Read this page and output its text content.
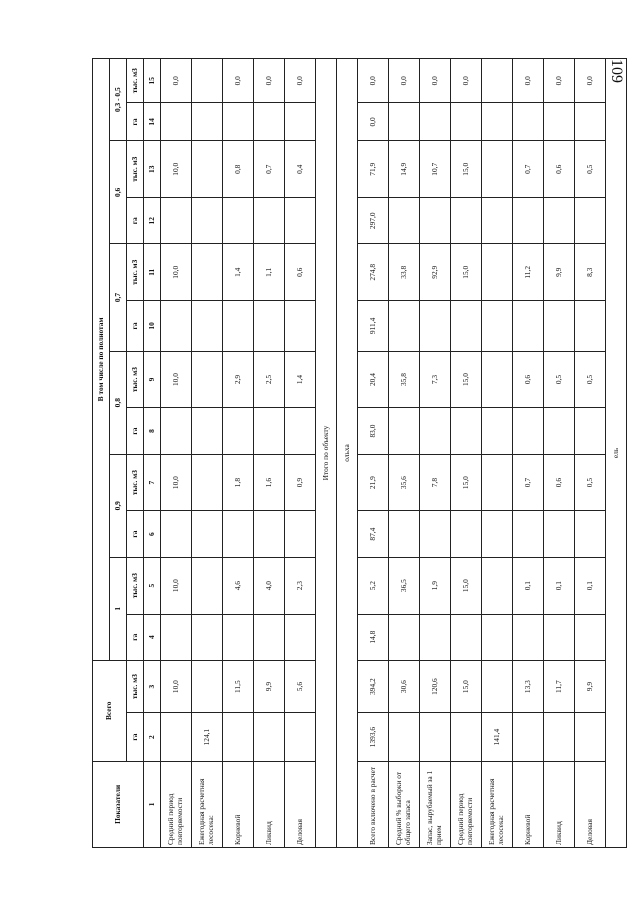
109
Показатели	Всего		В том числе по полнотам											
			1		0,9		0,8		0,7		0,6		0,3 - 0,5	
	га	тыс. м3	га	тыс. м3	га	тыс. м3	га	тыс. м3	га	тыс. м3	га	тыс. м3	га	тыс. м3
1	2	3	4	5	6	7	8	9	10	11	12	13	14	15
Средний период повторяемости		10,0		10,0		10,0		10,0		10,0		10,0		0,0
Ежегодная расчетная лесосека:	124,1													
Корневой		11,5		4,6		1,8		2,9		1,4		0,8		0,0
Ликвид		9,9		4,0		1,6		2,5		1,1		0,7		0,0
Деловая		5,6		2,3		0,9		1,4		0,6		0,4		0,0
Итого по объекту														
ольха														
Всего включено в расчет	1393,6	394,2	14,8	5,2	87,4	21,9	83,0	20,4	911,4	274,8	297,0	71,9	0,0	0,0
Средний % выборки от общего запаса		30,6		36,5		35,6		35,8		33,8		14,9		0,0
Запас, вырубаемый за 1 прием		120,6		1,9		7,8		7,3		92,9		10,7		0,0
Средний период повторяемости		15,0		15,0		15,0		15,0		15,0		15,0		0,0
Ежегодная расчетная лесосека:	141,4													
Корневой		13,3		0,1		0,7		0,6		11,2		0,7		0,0
Ликвид		11,7		0,1		0,6		0,5		9,9		0,6		0,0
Деловая		9,9		0,1		0,5		0,5		8,3		0,5		0,0
ель														
